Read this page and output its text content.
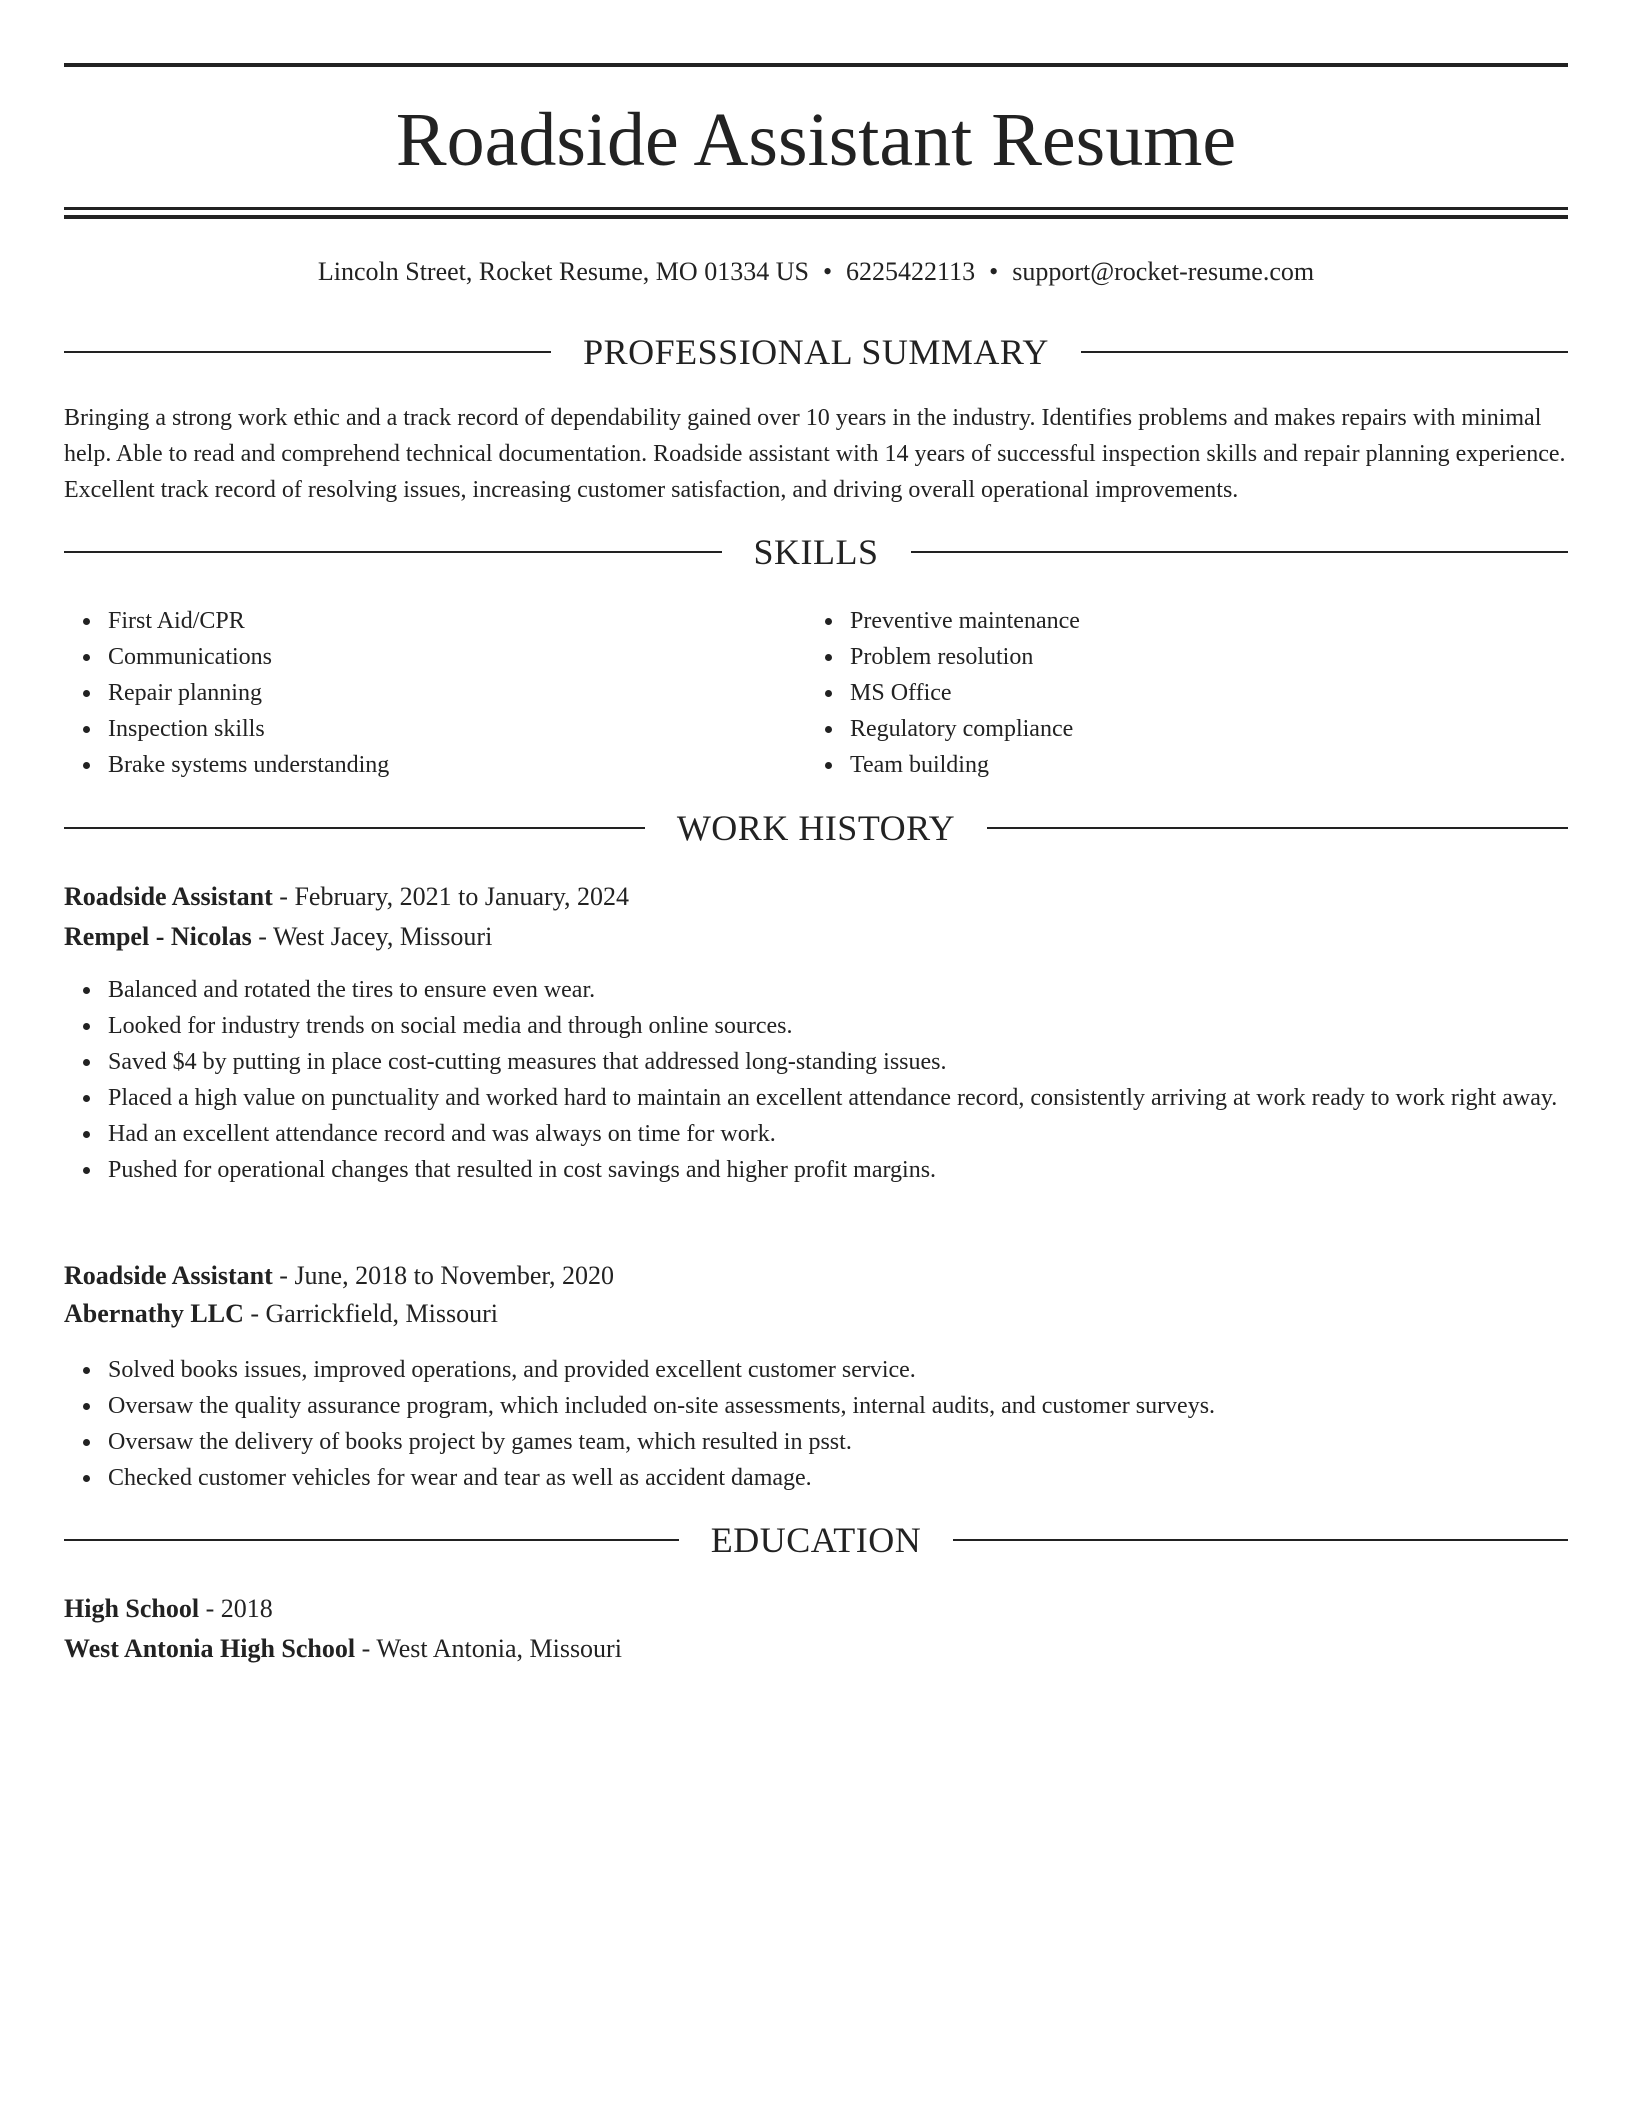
Roadside Assistant Resume
Lincoln Street, Rocket Resume, MO 01334 US • 6225422113 • support@rocket-resume.com
PROFESSIONAL SUMMARY

Bringing a strong work ethic and a track record of dependability gained over 10 years in the industry. Identifies problems and makes repairs with minimal help. Able to read and comprehend technical documentation. Roadside assistant with 14 years of successful inspection skills and repair planning experience. Excellent track record of resolving issues, increasing customer satisfaction, and driving overall operational improvements.

SKILLS
First Aid/CPR
Communications
Repair planning
Inspection skills
Brake systems understanding
Preventive maintenance
Problem resolution
MS Office
Regulatory compliance
Team building
WORK HISTORY
Roadside Assistant - February, 2021 to January, 2024
Rempel - Nicolas - West Jacey, Missouri
Balanced and rotated the tires to ensure even wear.
Looked for industry trends on social media and through online sources.
Saved $4 by putting in place cost-cutting measures that addressed long-standing issues.
Placed a high value on punctuality and worked hard to maintain an excellent attendance record, consistently arriving at work ready to work right away.
Had an excellent attendance record and was always on time for work.
Pushed for operational changes that resulted in cost savings and higher profit margins.
Roadside Assistant - June, 2018 to November, 2020
Abernathy LLC - Garrickfield, Missouri
Solved books issues, improved operations, and provided excellent customer service.
Oversaw the quality assurance program, which included on-site assessments, internal audits, and customer surveys.
Oversaw the delivery of books project by games team, which resulted in psst.
Checked customer vehicles for wear and tear as well as accident damage.
EDUCATION
High School - 2018
West Antonia High School - West Antonia, Missouri
